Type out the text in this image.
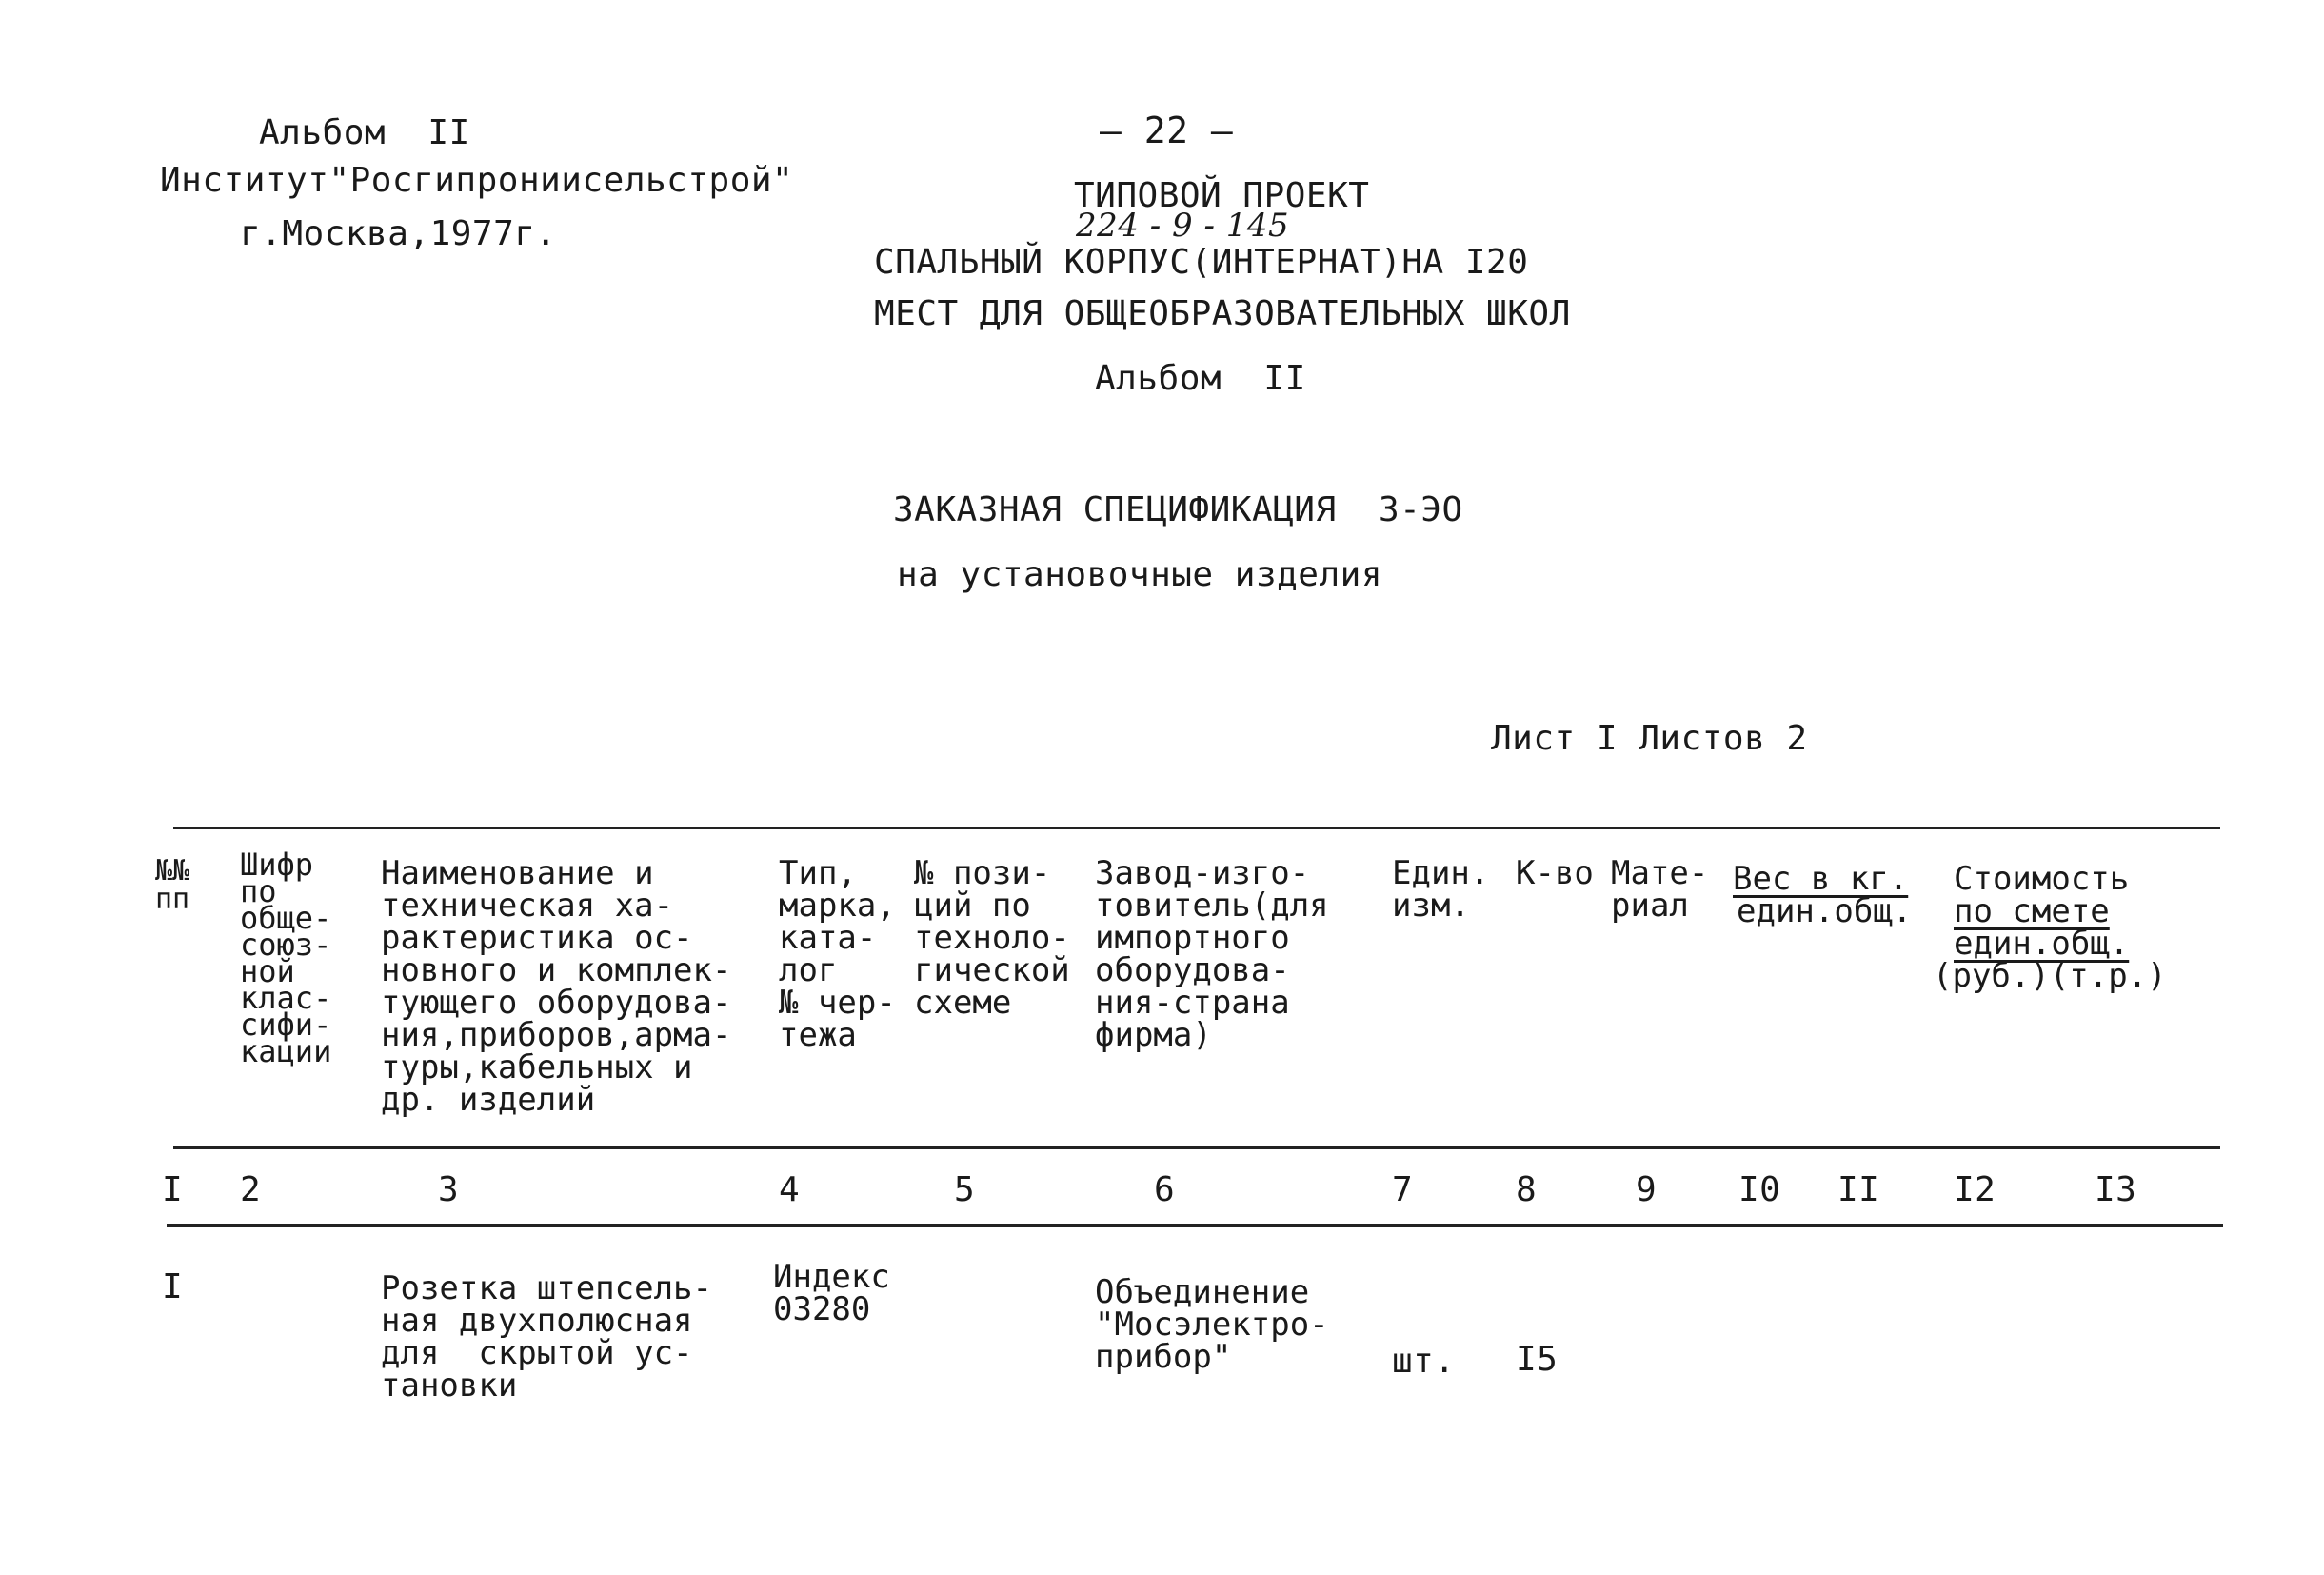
Альбом  II
Институт"Росгипрониисельстрой"
г.Москва,1977г.
— 22 —
ТИПОВОЙ ПРОЕКТ
224 - 9 - 145
СПАЛЬНЫЙ КОРПУС(ИНТЕРНАТ)НА I20
МЕСТ ДЛЯ ОБЩЕОБРАЗОВАТЕЛЬНЫХ ШКОЛ
Альбом  II
ЗАКАЗНАЯ СПЕЦИФИКАЦИЯ  З-ЭО
на установочные изделия
Лист I Листов 2
№№
пп
Шифр
по
обще-
союз-
ной
клас-
сифи-
кации
Наименование и
техническая ха-
рактеристика ос-
новного и комплек-
тующего оборудова-
ния,приборов,арма-
туры,кабельных и
др. изделий
Тип,
марка,
ката-
лог
№ чер-
тежа
№ пози-
ций по
техноло-
гической
схеме
Завод-изго-
товитель(для
импортного
оборудова-
ния-страна
фирма)
Един.
изм.
К-во Мате-
риал
Вес в кг.
един.общ.
Стоимость
по смете
един.общ.
(руб.)(т.р.)
I 2	3	4	5	6	7	8	9 I0 II I2	I3
I	Розетка штепсель-
ная двухполюсная
для  скрытой ус-
тановки
Индекс
03280	Объединение
"Мосэлектро-
прибор"	шт. I5
